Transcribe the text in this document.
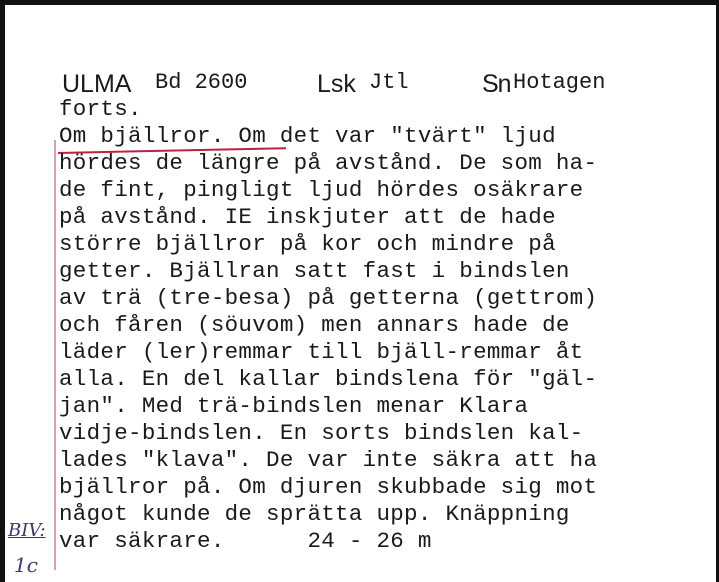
ULMA Bd 2600	Lsk Jtl	Sn Hotagen
forts.
Om bjällror. Om det var "tvärt" ljud
hördes de längre på avstånd. De som ha-
de fint, pingligt ljud hördes osäkrare
på avstånd. IE inskjuter att de hade
större bjällror på kor och mindre på
getter. Bjällran satt fast i bindslen
av trä (tre-besa) på getterna (gettrom)
och fåren (söuvom) men annars hade de
läder (ler)remmar till bjäll-remmar åt
alla. En del kallar bindslena för "gäl-
jan". Med trä-bindslen menar Klara
vidje-bindslen. En sorts bindslen kal-
lades "klava". De var inte säkra att ha
bjällror på. Om djuren skubbade sig mot
något kunde de sprätta upp. Knäppning
var säkrare.      24 - 26 m
BIV:
1c
